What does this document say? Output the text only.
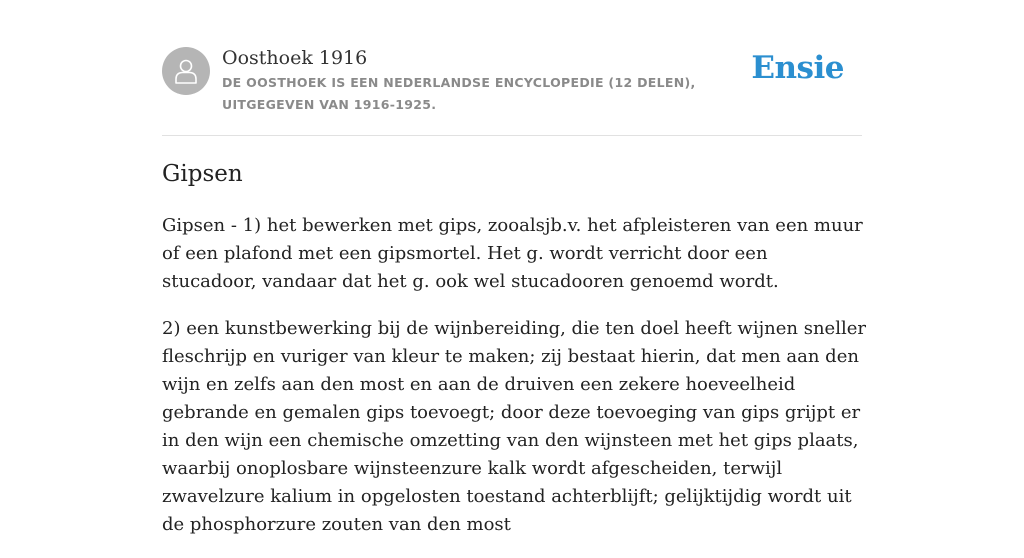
Oosthoek 1916

DE OOSTHOEK IS EEN NEDERLANDSE ENCYCLOPEDIE (12 DELEN), UITGEGEVEN VAN 1916-1925.

Ensie
Gipsen

Gipsen - 1) het bewerken met gips, zooalsjb.v. het afpleisteren van een muur of een plafond met een gipsmortel. Het g. wordt verricht door een stucadoor, vandaar dat het g. ook wel stucadooren genoemd wordt.

2) een kunstbewerking bij de wijnbereiding, die ten doel heeft wijnen sneller fleschrijp en vuriger van kleur te maken; zij bestaat hierin, dat men aan den wijn en zelfs aan den most en aan de druiven een zekere hoeveelheid gebrande en gemalen gips toevoegt; door deze toevoeging van gips grijpt er in den wijn een chemische omzetting van den wijnsteen met het gips plaats, waarbij onoplosbare wijnsteenzure kalk wordt afgescheiden, terwijl zwavelzure kalium in opgelosten toestand achterblijft; gelijktijdig wordt uit de phosphorzure zouten van den most
